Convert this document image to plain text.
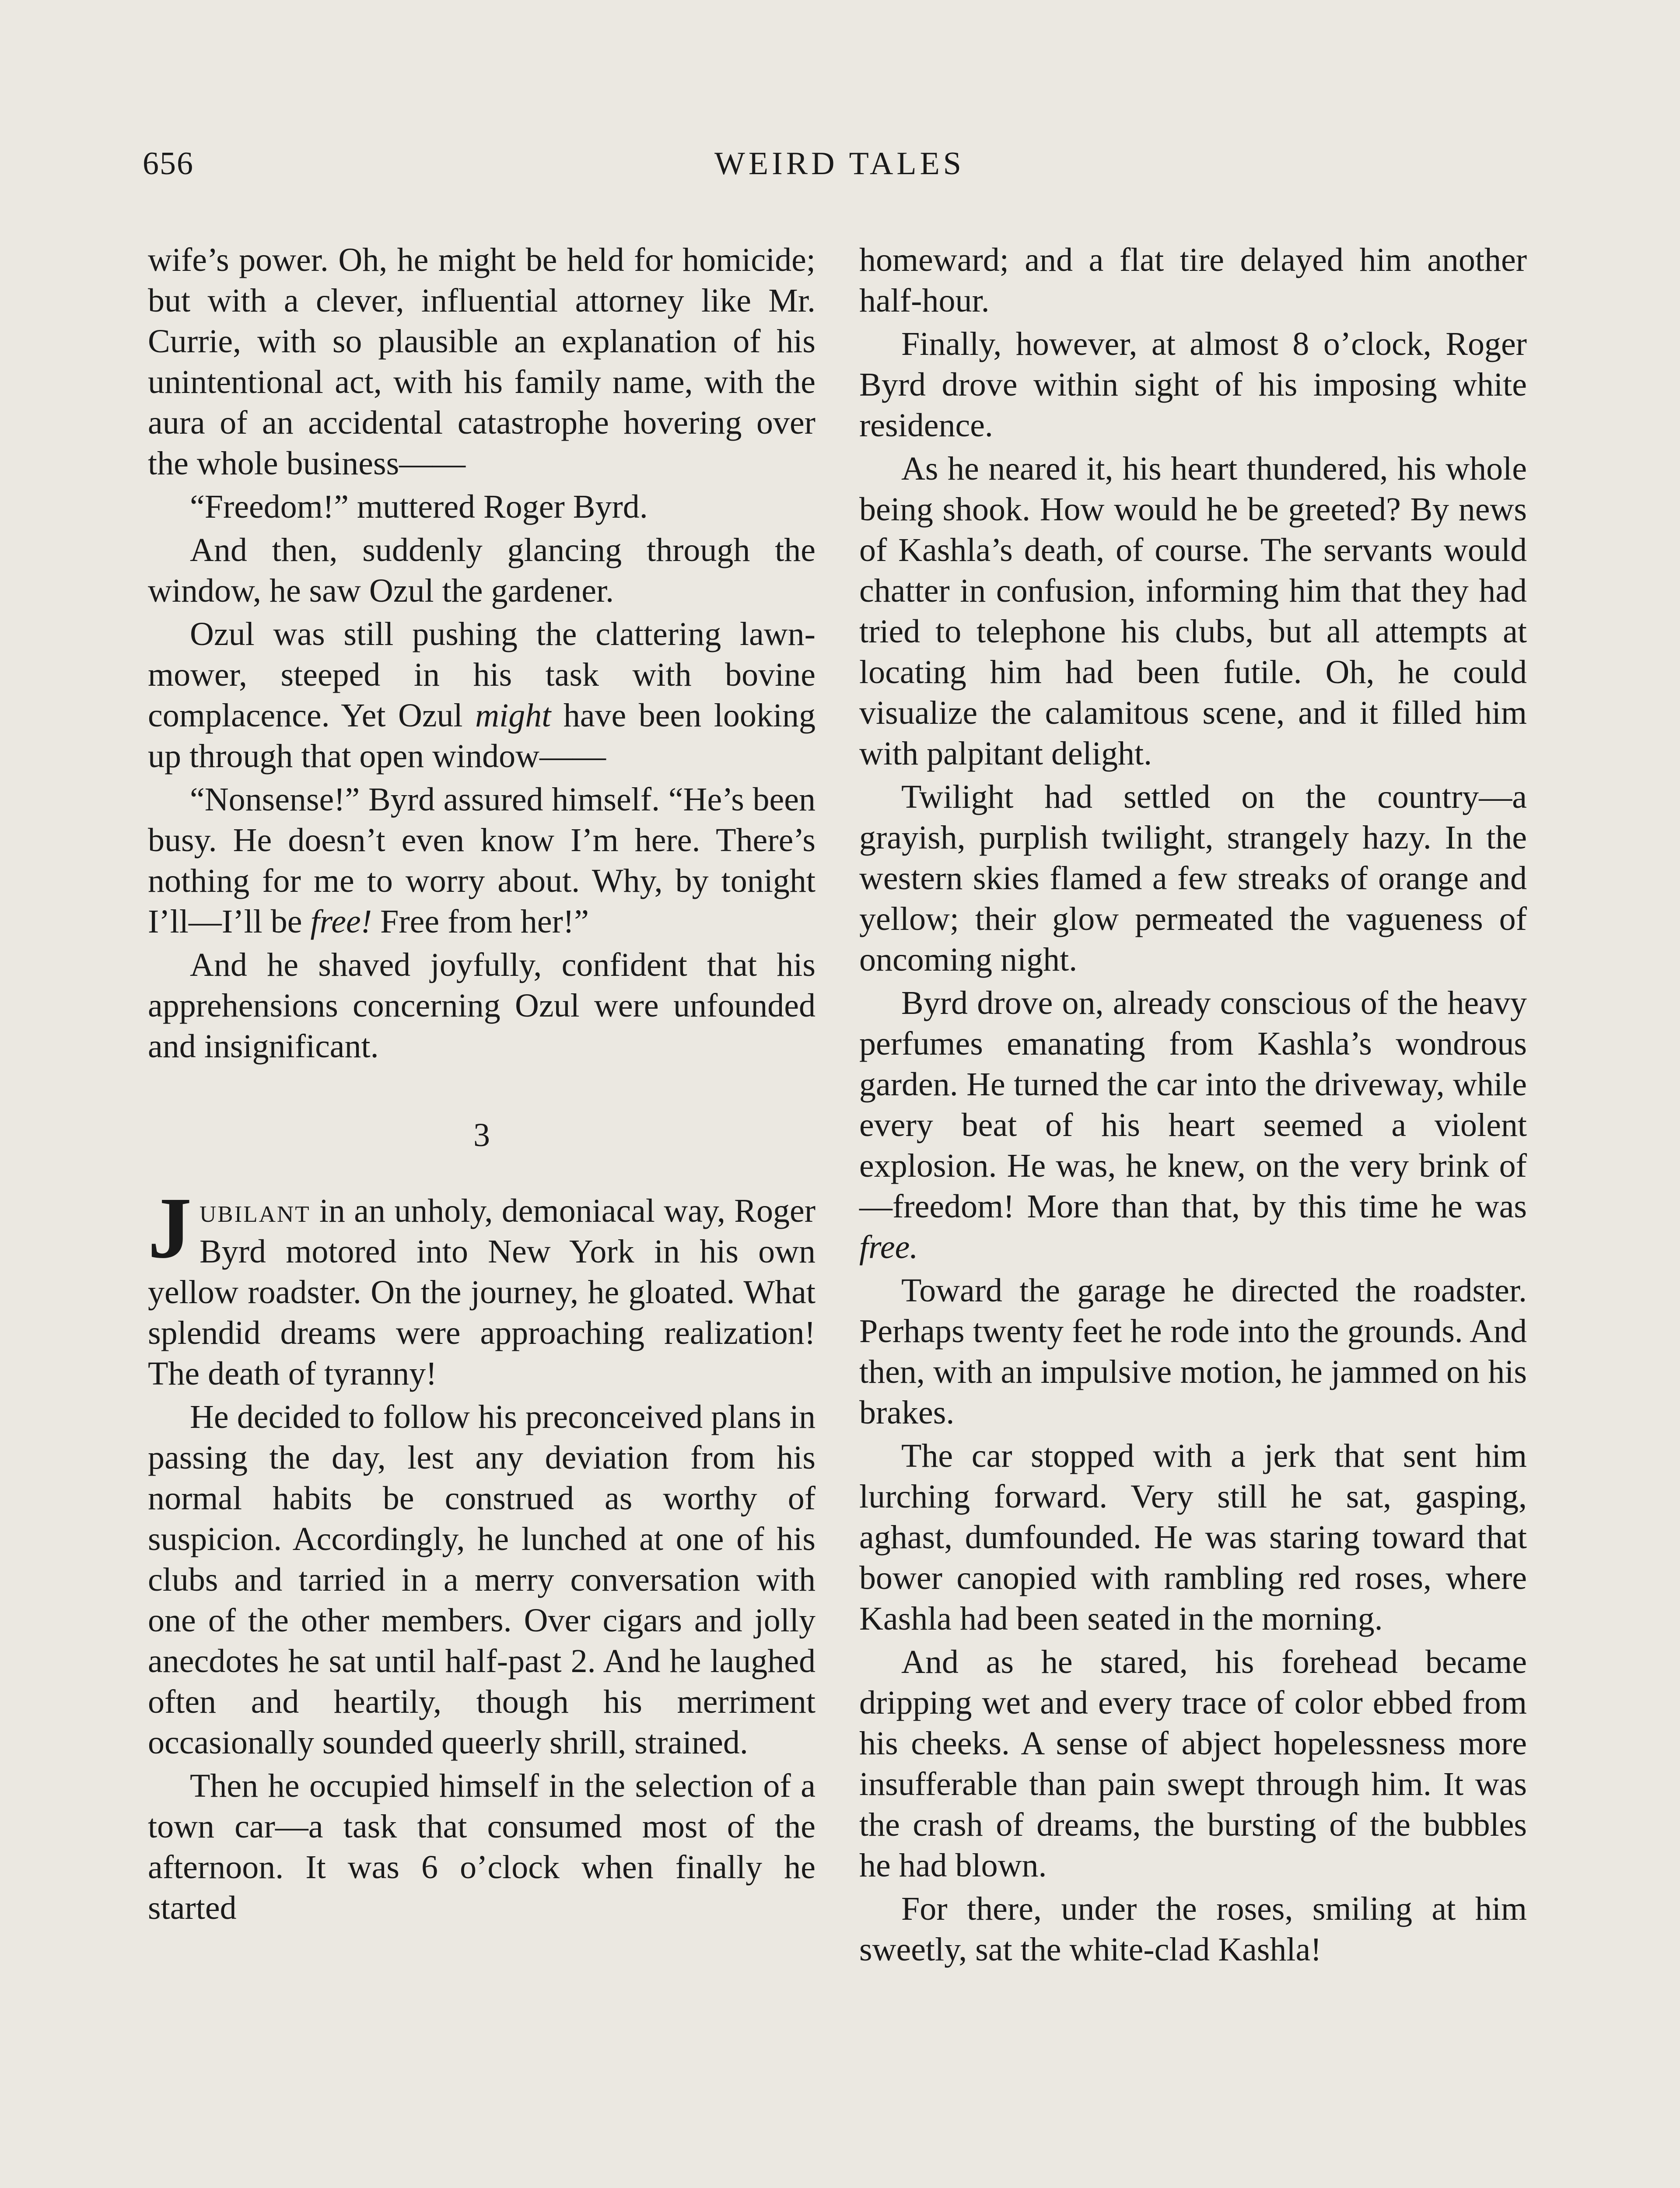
656	WEIRD TALES

wife’s power. Oh, he might be held for homicide; but with a clever, influential attorney like Mr. Currie, with so plausible an explanation of his unintentional act, with his family name, with the aura of an accidental catastrophe hovering over the whole business——

“Freedom!” muttered Roger Byrd.

And then, suddenly glancing through the window, he saw Ozul the gardener.

Ozul was still pushing the clattering lawn-mower, steeped in his task with bovine complacence. Yet Ozul might have been looking up through that open window——

“Nonsense!” Byrd assured himself. “He’s been busy. He doesn’t even know I’m here. There’s nothing for me to worry about. Why, by tonight I’ll—I’ll be free! Free from her!”

And he shaved joyfully, confident that his apprehensions concerning Ozul were unfounded and insignificant.

3

Jubilant in an unholy, demoniacal way, Roger Byrd motored into New York in his own yellow roadster. On the journey, he gloated. What splendid dreams were approaching realization! The death of tyranny!

He decided to follow his preconceived plans in passing the day, lest any deviation from his normal habits be construed as worthy of suspicion. Accordingly, he lunched at one of his clubs and tarried in a merry conversation with one of the other members. Over cigars and jolly anecdotes he sat until half-past 2. And he laughed often and heartily, though his merriment occasionally sounded queerly shrill, strained.

Then he occupied himself in the selection of a town car—a task that consumed most of the afternoon. It was 6 o’clock when finally he started

homeward; and a flat tire delayed him another half-hour.

Finally, however, at almost 8 o’clock, Roger Byrd drove within sight of his imposing white residence.

As he neared it, his heart thundered, his whole being shook. How would he be greeted? By news of Kashla’s death, of course. The servants would chatter in confusion, informing him that they had tried to telephone his clubs, but all attempts at locating him had been futile. Oh, he could visualize the calamitous scene, and it filled him with palpitant delight.

Twilight had settled on the country—a grayish, purplish twilight, strangely hazy. In the western skies flamed a few streaks of orange and yellow; their glow permeated the vagueness of oncoming night.

Byrd drove on, already conscious of the heavy perfumes emanating from Kashla’s wondrous garden. He turned the car into the driveway, while every beat of his heart seemed a violent explosion. He was, he knew, on the very brink of—freedom! More than that, by this time he was free.

Toward the garage he directed the roadster. Perhaps twenty feet he rode into the grounds. And then, with an impulsive motion, he jammed on his brakes.

The car stopped with a jerk that sent him lurching forward. Very still he sat, gasping, aghast, dumfounded. He was staring toward that bower canopied with rambling red roses, where Kashla had been seated in the morning.

And as he stared, his forehead became dripping wet and every trace of color ebbed from his cheeks. A sense of abject hopelessness more insufferable than pain swept through him. It was the crash of dreams, the bursting of the bubbles he had blown.

For there, under the roses, smiling at him sweetly, sat the white-clad Kashla!
